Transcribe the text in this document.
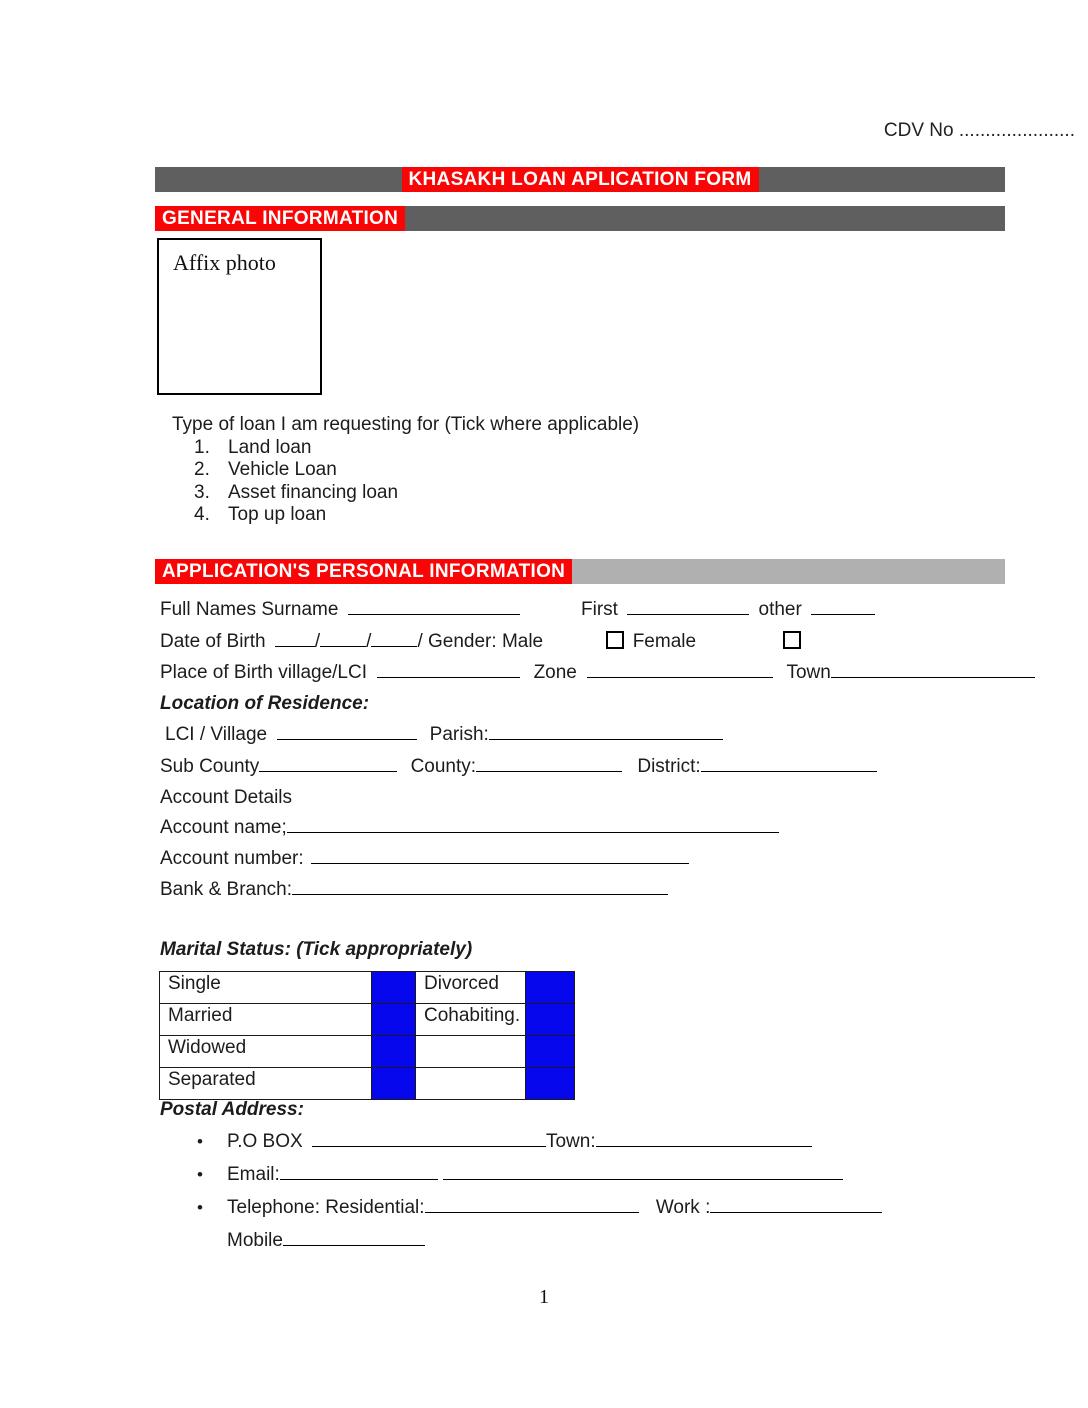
CDV No ......................
KHASAKH LOAN APLICATION FORM
GENERAL INFORMATION
Affix photo
Type of loan I am requesting for (Tick where applicable)
1. Land loan
2. Vehicle Loan
3. Asset financing loan
4. Top up loan
APPLICATION'S PERSONAL INFORMATION
Full Names Surname	First	other
Date of Birth	/ / / Gender: Male	Female
Place of Birth village/LCI	Zone	Town
Location of Residence:
LCI / Village	Parish:
Sub County	County:	District:
Account Details
Account name;
Account number:
Bank & Branch:
Marital Status: (Tick appropriately)
Single		Divorced	
Married		Cohabiting.	
Widowed			
Separated			
Postal Address:
• P.O BOX	Town:
• Email:
• Telephone: Residential:	Work :
Mobile
1
